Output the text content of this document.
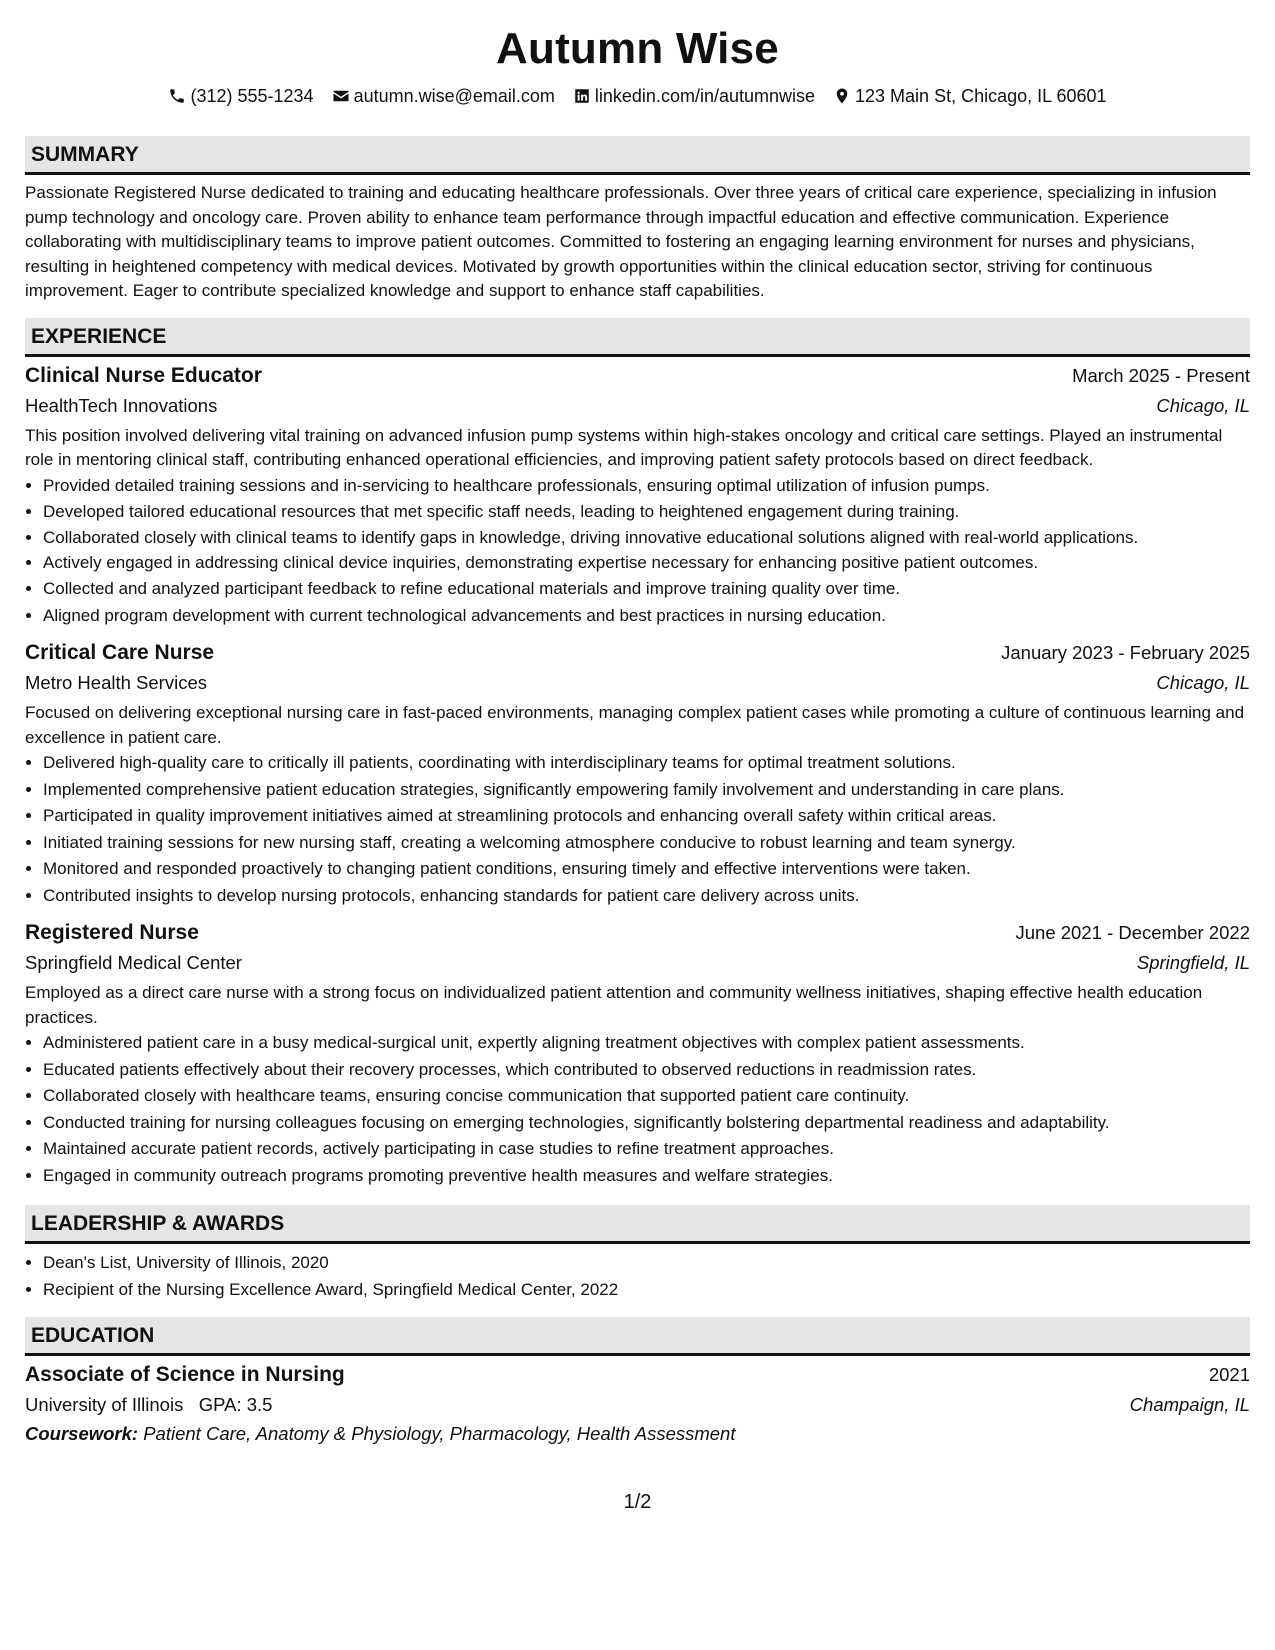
Autumn Wise
(312) 555-1234 autumn.wise@email.com linkedin.com/in/autumnwise 123 Main St, Chicago, IL 60601
SUMMARY

Passionate Registered Nurse dedicated to training and educating healthcare professionals. Over three years of critical care experience, specializing in infusion pump technology and oncology care. Proven ability to enhance team performance through impactful education and effective communication. Experience collaborating with multidisciplinary teams to improve patient outcomes. Committed to fostering an engaging learning environment for nurses and physicians, resulting in heightened competency with medical devices. Motivated by growth opportunities within the clinical education sector, striving for continuous improvement. Eager to contribute specialized knowledge and support to enhance staff capabilities.

EXPERIENCE
Clinical Nurse Educator	March 2025 - Present
HealthTech Innovations	Chicago, IL

This position involved delivering vital training on advanced infusion pump systems within high-stakes oncology and critical care settings. Played an instrumental role in mentoring clinical staff, contributing enhanced operational efficiencies, and improving patient safety protocols based on direct feedback.

• Provided detailed training sessions and in-servicing to healthcare professionals, ensuring optimal utilization of infusion pumps.
• Developed tailored educational resources that met specific staff needs, leading to heightened engagement during training.
• Collaborated closely with clinical teams to identify gaps in knowledge, driving innovative educational solutions aligned with real-world applications.
• Actively engaged in addressing clinical device inquiries, demonstrating expertise necessary for enhancing positive patient outcomes.
• Collected and analyzed participant feedback to refine educational materials and improve training quality over time.
• Aligned program development with current technological advancements and best practices in nursing education.
Critical Care Nurse	January 2023 - February 2025
Metro Health Services	Chicago, IL

Focused on delivering exceptional nursing care in fast-paced environments, managing complex patient cases while promoting a culture of continuous learning and excellence in patient care.

• Delivered high-quality care to critically ill patients, coordinating with interdisciplinary teams for optimal treatment solutions.
• Implemented comprehensive patient education strategies, significantly empowering family involvement and understanding in care plans.
• Participated in quality improvement initiatives aimed at streamlining protocols and enhancing overall safety within critical areas.
• Initiated training sessions for new nursing staff, creating a welcoming atmosphere conducive to robust learning and team synergy.
• Monitored and responded proactively to changing patient conditions, ensuring timely and effective interventions were taken.
• Contributed insights to develop nursing protocols, enhancing standards for patient care delivery across units.
Registered Nurse	June 2021 - December 2022
Springfield Medical Center	Springfield, IL

Employed as a direct care nurse with a strong focus on individualized patient attention and community wellness initiatives, shaping effective health education practices.

• Administered patient care in a busy medical-surgical unit, expertly aligning treatment objectives with complex patient assessments.
• Educated patients effectively about their recovery processes, which contributed to observed reductions in readmission rates.
• Collaborated closely with healthcare teams, ensuring concise communication that supported patient care continuity.
• Conducted training for nursing colleagues focusing on emerging technologies, significantly bolstering departmental readiness and adaptability.
• Maintained accurate patient records, actively participating in case studies to refine treatment approaches.
• Engaged in community outreach programs promoting preventive health measures and welfare strategies.
LEADERSHIP & AWARDS
• Dean's List, University of Illinois, 2020
• Recipient of the Nursing Excellence Award, Springfield Medical Center, 2022
EDUCATION
Associate of Science in Nursing	2021
University of Illinois GPA: 3.5	Champaign, IL
Coursework: Patient Care, Anatomy & Physiology, Pharmacology, Health Assessment
1/2
